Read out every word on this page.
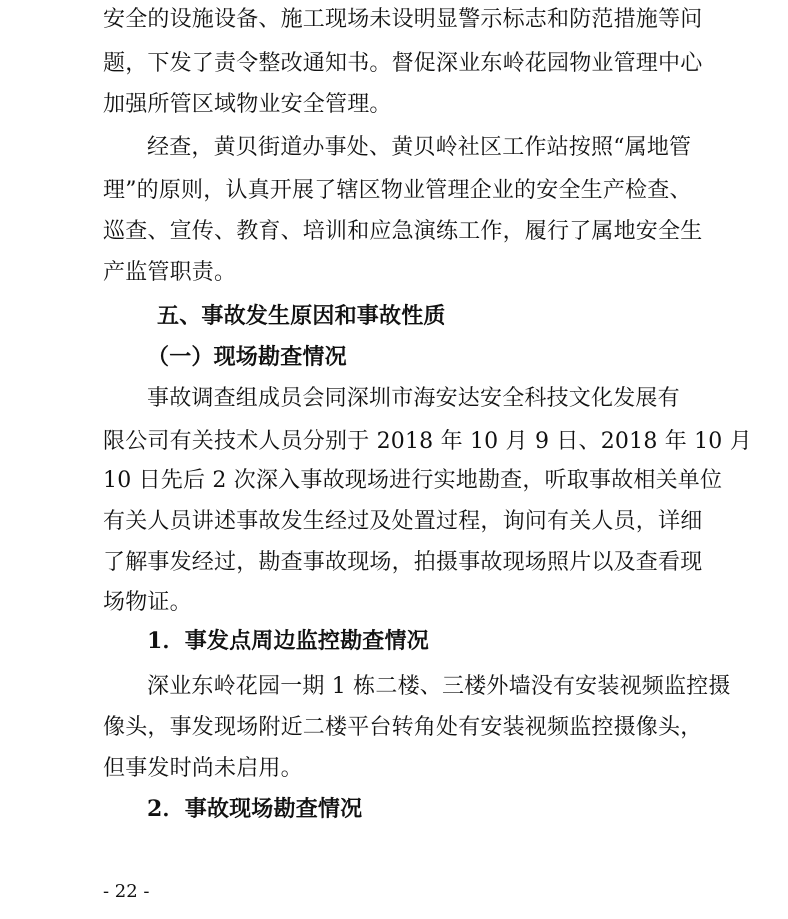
安全的设施设备、施工现场未设明显警示标志和防范措施等问
题，下发了责令整改通知书。督促深业东岭花园物业管理中心
加强所管区域物业安全管理。
经查，黄贝街道办事处、黄贝岭社区工作站按照“属地管
理”的原则，认真开展了辖区物业管理企业的安全生产检查、
巡查、宣传、教育、培训和应急演练工作，履行了属地安全生
产监管职责。
五、事故发生原因和事故性质
（一）现场勘查情况
事故调查组成员会同深圳市海安达安全科技文化发展有
限公司有关技术人员分别于 2018 年 10 月 9 日、2018 年 10 月
10 日先后 2 次深入事故现场进行实地勘查，听取事故相关单位
有关人员讲述事故发生经过及处置过程，询问有关人员，详细
了解事发经过，勘查事故现场，拍摄事故现场照片以及查看现
场物证。
1．事发点周边监控勘查情况
深业东岭花园一期 1 栋二楼、三楼外墙没有安装视频监控摄
像头，事发现场附近二楼平台转角处有安装视频监控摄像头，
但事发时尚未启用。
2．事故现场勘查情况
- 22 -
